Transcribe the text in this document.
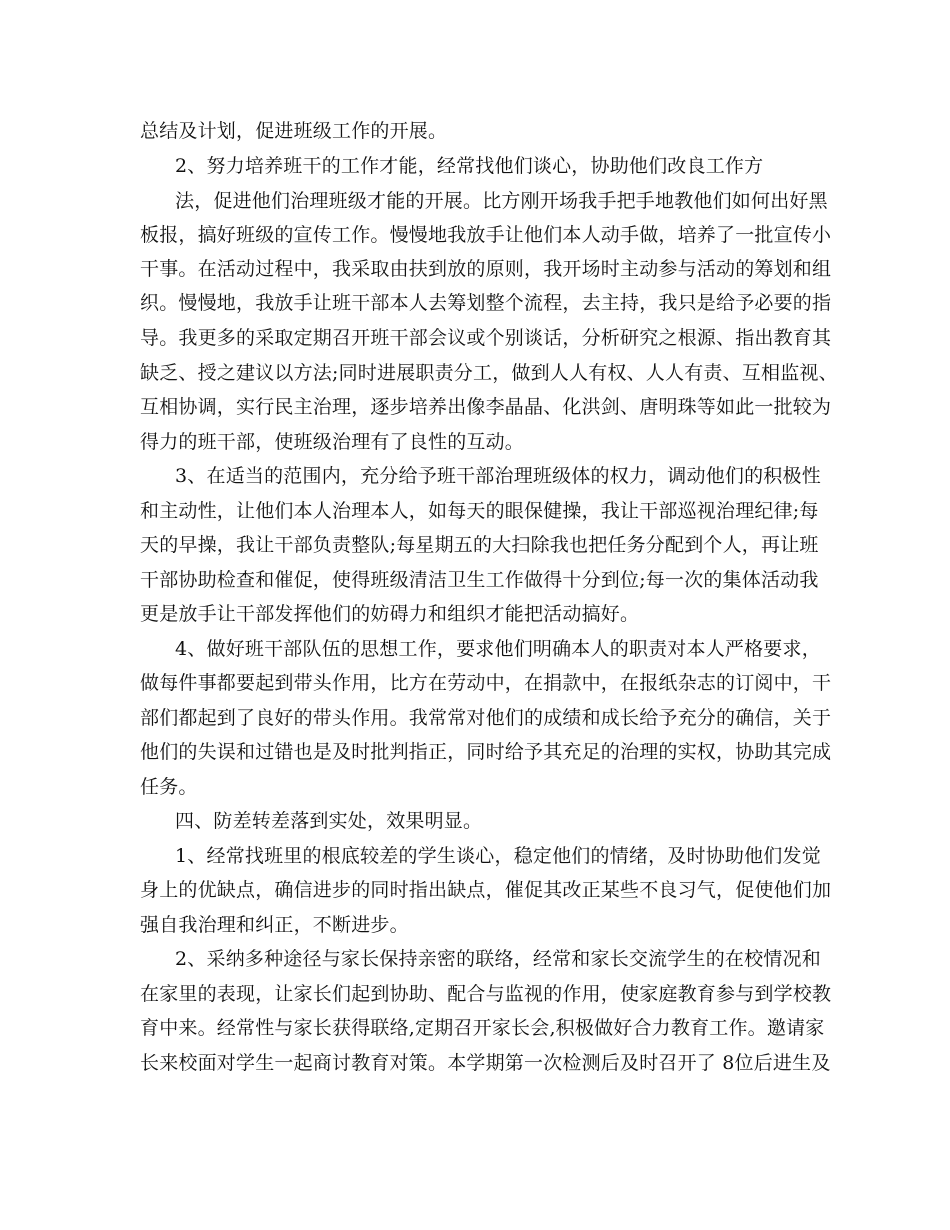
总结及计划，促进班级工作的开展。
2、努力培养班干的工作才能，经常找他们谈心，协助他们改良工作方
法，促进他们治理班级才能的开展。比方刚开场我手把手地教他们如何出好黑
板报，搞好班级的宣传工作。慢慢地我放手让他们本人动手做，培养了一批宣传小
干事。在活动过程中，我采取由扶到放的原则，我开场时主动参与活动的筹划和组
织。慢慢地，我放手让班干部本人去筹划整个流程，去主持，我只是给予必要的指
导。我更多的采取定期召开班干部会议或个别谈话，分析研究之根源、指出教育其
缺乏、授之建议以方法;同时进展职责分工，做到人人有权、人人有责、互相监视、
互相协调，实行民主治理，逐步培养出像李晶晶、化洪剑、唐明珠等如此一批较为
得力的班干部，使班级治理有了良性的互动。
3、在适当的范围内，充分给予班干部治理班级体的权力，调动他们的积极性
和主动性，让他们本人治理本人，如每天的眼保健操，我让干部巡视治理纪律;每
天的早操，我让干部负责整队;每星期五的大扫除我也把任务分配到个人，再让班
干部协助检查和催促，使得班级清洁卫生工作做得十分到位;每一次的集体活动我
更是放手让干部发挥他们的妨碍力和组织才能把活动搞好。
4、做好班干部队伍的思想工作，要求他们明确本人的职责对本人严格要求，
做每件事都要起到带头作用，比方在劳动中，在捐款中，在报纸杂志的订阅中，干
部们都起到了良好的带头作用。我常常对他们的成绩和成长给予充分的确信，关于
他们的失误和过错也是及时批判指正，同时给予其充足的治理的实权，协助其完成
任务。
四、防差转差落到实处，效果明显。
1、经常找班里的根底较差的学生谈心，稳定他们的情绪，及时协助他们发觉
身上的优缺点，确信进步的同时指出缺点，催促其改正某些不良习气，促使他们加
强自我治理和纠正，不断进步。
2、采纳多种途径与家长保持亲密的联络，经常和家长交流学生的在校情况和
在家里的表现，让家长们起到协助、配合与监视的作用，使家庭教育参与到学校教
育中来。经常性与家长获得联络,定期召开家长会,积极做好合力教育工作。邀请家
长来校面对学生一起商讨教育对策。本学期第一次检测后及时召开了 8位后进生及
